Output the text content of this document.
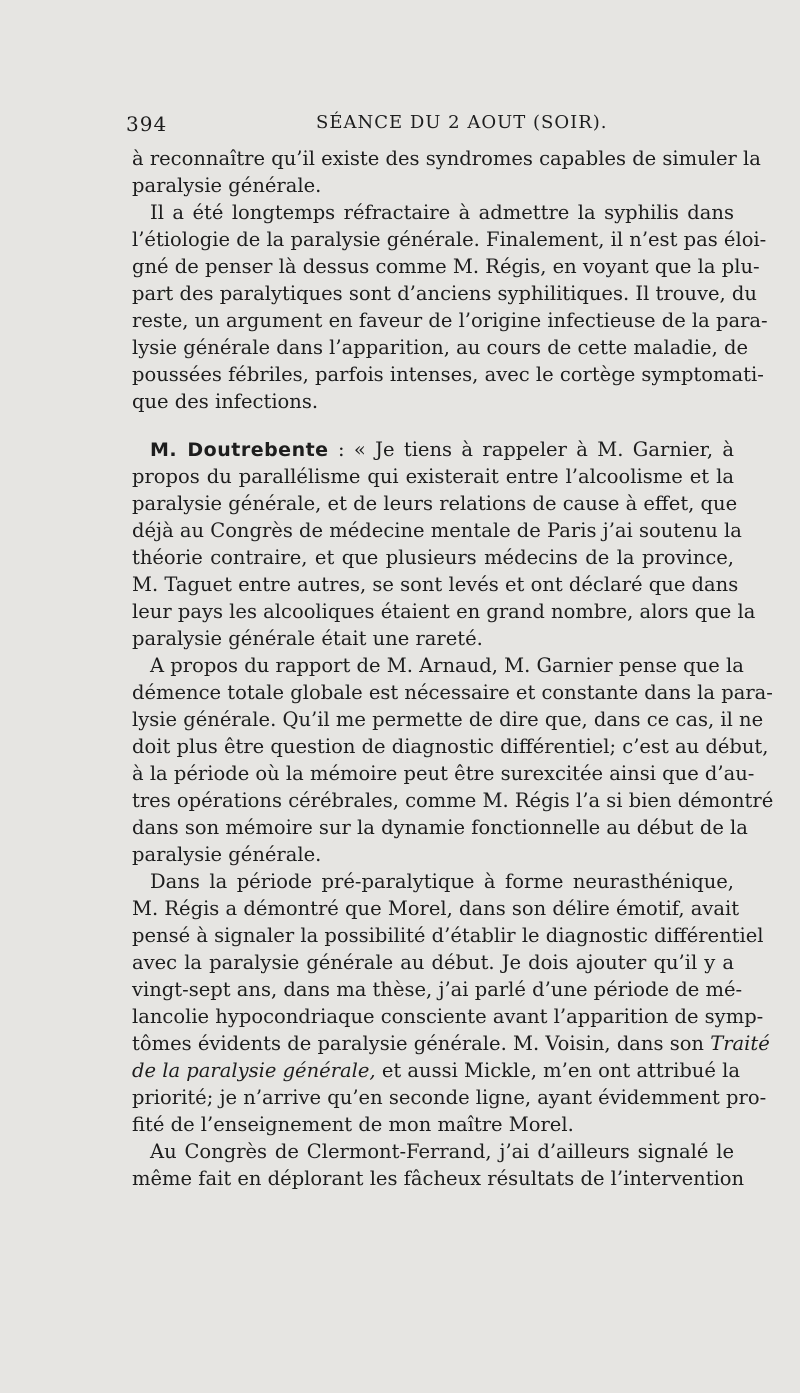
394	SÉANCE DU 2 AOUT (SOIR).
à reconnaître qu’il existe des syndromes capables de simuler la
paralysie générale.
Il a été longtemps réfractaire à admettre la syphilis dans
l’étiologie de la paralysie générale. Finalement, il n’est pas éloi-
gné de penser là dessus comme M. Régis, en voyant que la plu-
part des paralytiques sont d’anciens syphilitiques. Il trouve, du
reste, un argument en faveur de l’origine infectieuse de la para-
lysie générale dans l’apparition, au cours de cette maladie, de
poussées fébriles, parfois intenses, avec le cortège symptomati-
que des infections.
M. Doutrebente : « Je tiens à rappeler à M. Garnier, à
propos du parallélisme qui existerait entre l’alcoolisme et la
paralysie générale, et de leurs relations de cause à effet, que
déjà au Congrès de médecine mentale de Paris j’ai soutenu la
théorie contraire, et que plusieurs médecins de la province,
M. Taguet entre autres, se sont levés et ont déclaré que dans
leur pays les alcooliques étaient en grand nombre, alors que la
paralysie générale était une rareté.
A propos du rapport de M. Arnaud, M. Garnier pense que la
démence totale globale est nécessaire et constante dans la para-
lysie générale. Qu’il me permette de dire que, dans ce cas, il ne
doit plus être question de diagnostic différentiel; c’est au début,
à la période où la mémoire peut être surexcitée ainsi que d’au-
tres opérations cérébrales, comme M. Régis l’a si bien démontré
dans son mémoire sur la dynamie fonctionnelle au début de la
paralysie générale.
Dans la période pré-paralytique à forme neurasthénique,
M. Régis a démontré que Morel, dans son délire émotif, avait
pensé à signaler la possibilité d’établir le diagnostic différentiel
avec la paralysie générale au début. Je dois ajouter qu’il y a
vingt-sept ans, dans ma thèse, j’ai parlé d’une période de mé-
lancolie hypocondriaque consciente avant l’apparition de symp-
tômes évidents de paralysie générale. M. Voisin, dans son Traité
de la paralysie générale, et aussi Mickle, m’en ont attribué la
priorité; je n’arrive qu’en seconde ligne, ayant évidemment pro-
fité de l’enseignement de mon maître Morel.
Au Congrès de Clermont-Ferrand, j’ai d’ailleurs signalé le
même fait en déplorant les fâcheux résultats de l’intervention
